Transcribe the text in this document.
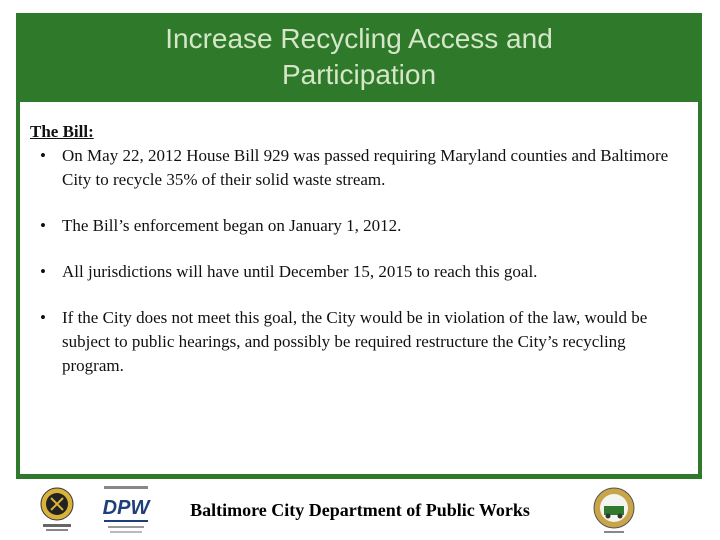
Increase Recycling Access and Participation
The Bill:

• On May 22, 2012 House Bill 929 was passed requiring Maryland counties and Baltimore City to recycle 35% of their solid waste stream.

• The Bill’s enforcement began on January 1, 2012.

• All jurisdictions will have until December 15, 2015 to reach this goal.

• If the City does not meet this goal, the City would be in violation of the law, would be subject to public hearings, and possibly be required restructure the City’s recycling program.

DPW	Baltimore City Department of Public Works
